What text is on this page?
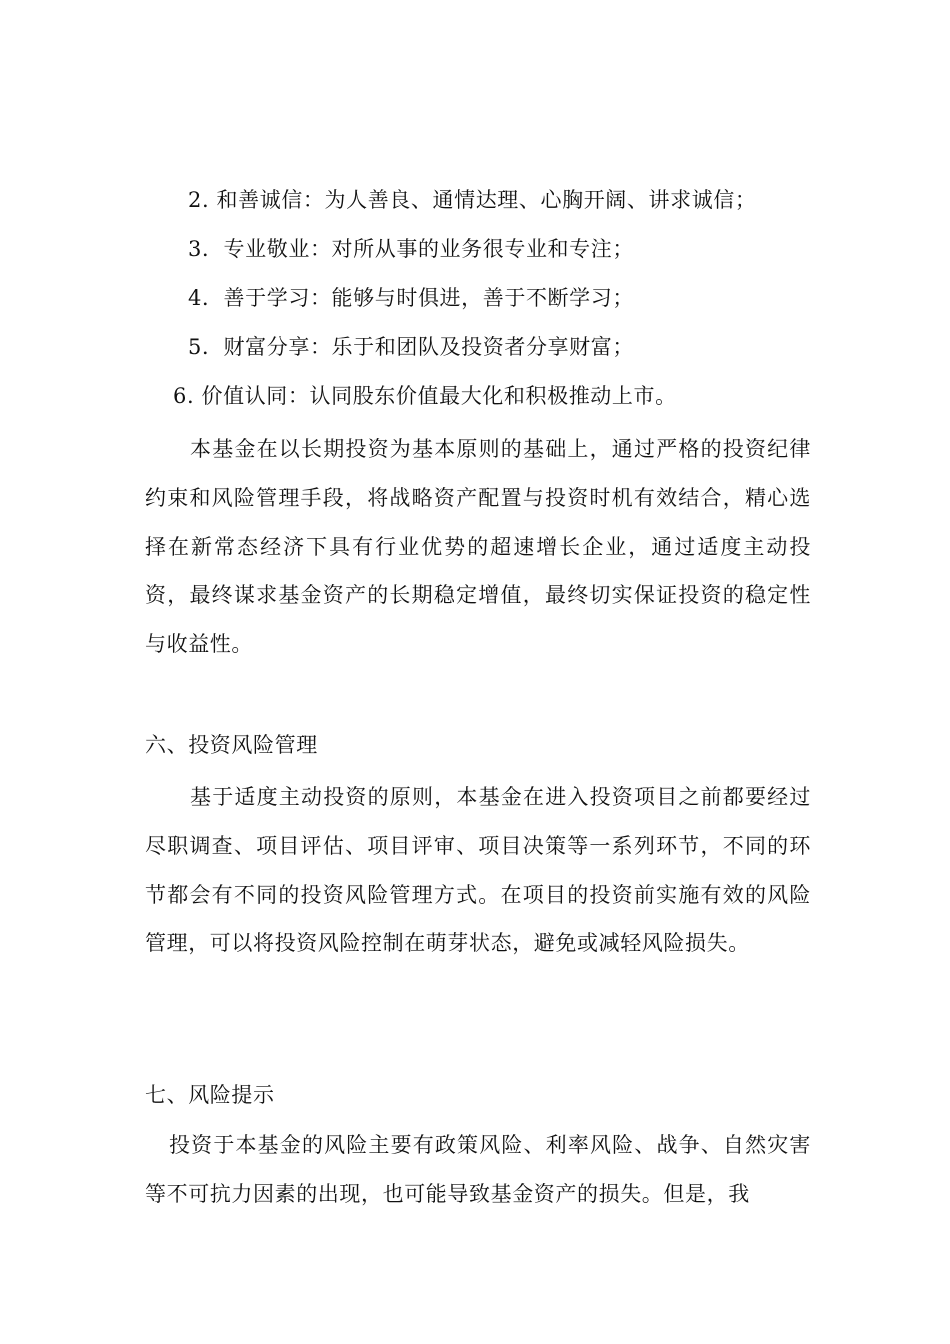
2. 和善诚信：为人善良、通情达理、心胸开阔、讲求诚信；
3．专业敬业：对所从事的业务很专业和专注；
4．善于学习：能够与时俱进，善于不断学习；
5．财富分享：乐于和团队及投资者分享财富；
6. 价值认同：认同股东价值最大化和积极推动上市。
本基金在以长期投资为基本原则的基础上，通过严格的投资纪律约束和风险管理手段，将战略资产配置与投资时机有效结合，精心选择在新常态经济下具有行业优势的超速增长企业，通过适度主动投资，最终谋求基金资产的长期稳定增值，最终切实保证投资的稳定性与收益性。
六、投资风险管理
基于适度主动投资的原则，本基金在进入投资项目之前都要经过尽职调查、项目评估、项目评审、项目决策等一系列环节，不同的环节都会有不同的投资风险管理方式。在项目的投资前实施有效的风险管理，可以将投资风险控制在萌芽状态，避免或减轻风险损失。
七、风险提示
投资于本基金的风险主要有政策风险、利率风险、战争、自然灾害等不可抗力因素的出现，也可能导致基金资产的损失。但是，我
